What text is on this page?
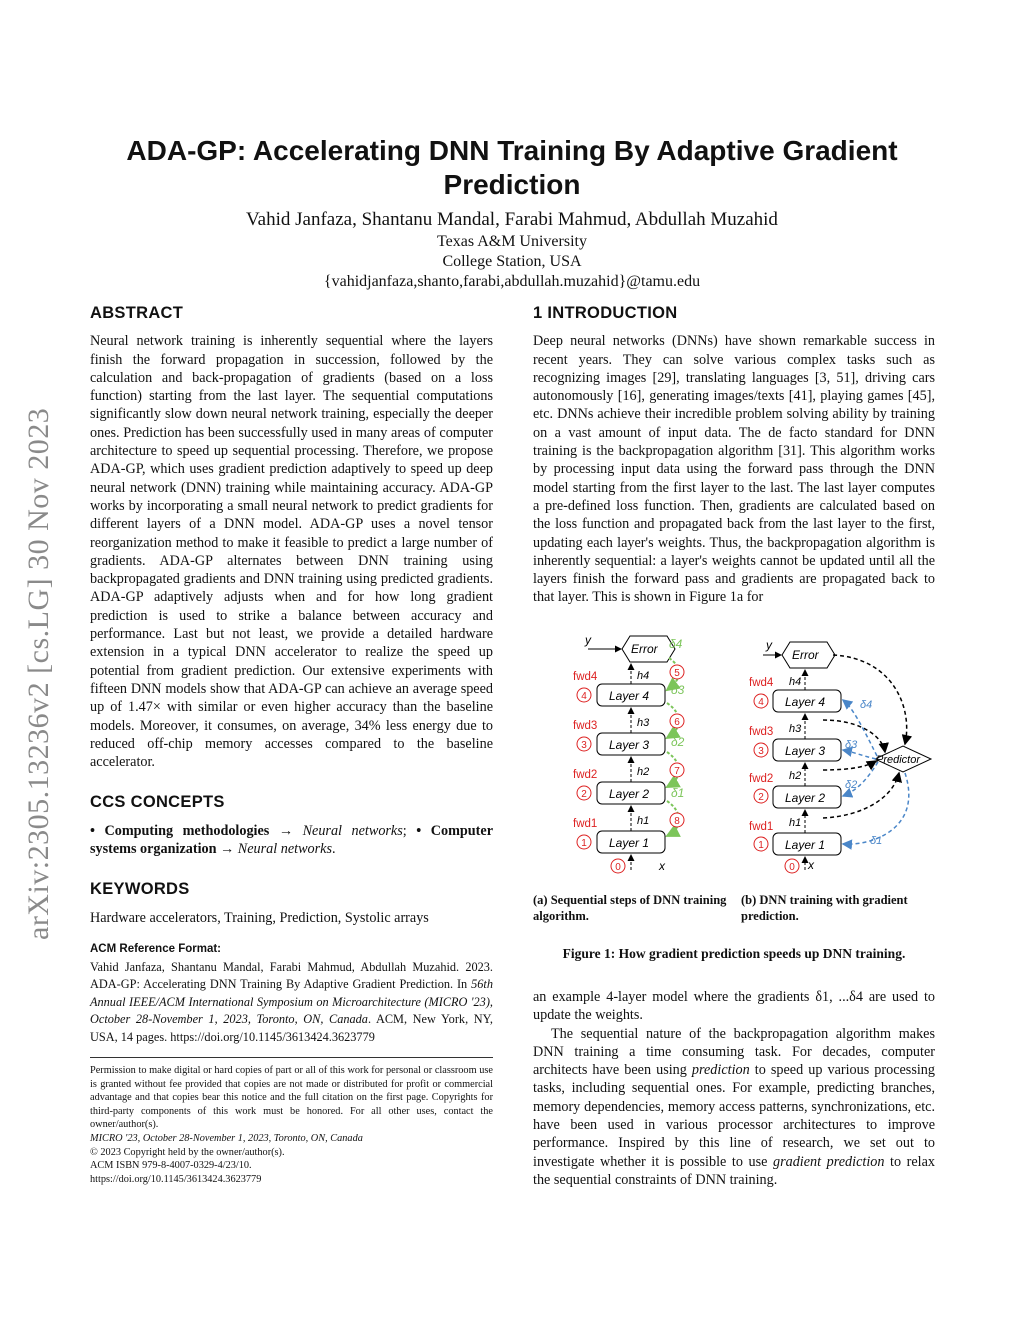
arXiv:2305.13236v2 [cs.LG] 30 Nov 2023
ADA-GP: Accelerating DNN Training By Adaptive Gradient Prediction
Vahid Janfaza, Shantanu Mandal, Farabi Mahmud, Abdullah Muzahid
Texas A&M University
College Station, USA
{vahidjanfaza,shanto,farabi,abdullah.muzahid}@tamu.edu
ABSTRACT

Neural network training is inherently sequential where the layers finish the forward propagation in succession, followed by the calculation and back-propagation of gradients (based on a loss function) starting from the last layer. The sequential computations significantly slow down neural network training, especially the deeper ones. Prediction has been successfully used in many areas of computer architecture to speed up sequential processing. Therefore, we propose ADA-GP, which uses gradient prediction adaptively to speed up deep neural network (DNN) training while maintaining accuracy. ADA-GP works by incorporating a small neural network to predict gradients for different layers of a DNN model. ADA-GP uses a novel tensor reorganization method to make it feasible to predict a large number of gradients. ADA-GP alternates between DNN training using backpropagated gradients and DNN training using predicted gradients. ADA-GP adaptively adjusts when and for how long gradient prediction is used to strike a balance between accuracy and performance. Last but not least, we provide a detailed hardware extension in a typical DNN accelerator to realize the speed up potential from gradient prediction. Our extensive experiments with fifteen DNN models show that ADA-GP can achieve an average speed up of 1.47× with similar or even higher accuracy than the baseline models. Moreover, it consumes, on average, 34% less energy due to reduced off-chip memory accesses compared to the baseline accelerator.

CCS CONCEPTS

• Computing methodologies → Neural networks; • Computer systems organization → Neural networks.

KEYWORDS

Hardware accelerators, Training, Prediction, Systolic arrays

ACM Reference Format:
Vahid Janfaza, Shantanu Mandal, Farabi Mahmud, Abdullah Muzahid. 2023. ADA-GP: Accelerating DNN Training By Adaptive Gradient Prediction. In 56th Annual IEEE/ACM International Symposium on Microarchitecture (MICRO '23), October 28-November 1, 2023, Toronto, ON, Canada. ACM, New York, NY, USA, 14 pages. https://doi.org/10.1145/3613424.3623779
Permission to make digital or hard copies of part or all of this work for personal or classroom use is granted without fee provided that copies are not made or distributed for profit or commercial advantage and that copies bear this notice and the full citation on the first page. Copyrights for third-party components of this work must be honored. For all other uses, contact the owner/author(s).
MICRO '23, October 28-November 1, 2023, Toronto, ON, Canada
© 2023 Copyright held by the owner/author(s).
ACM ISBN 979-8-4007-0329-4/23/10.
https://doi.org/10.1145/3613424.3623779
1 INTRODUCTION

Deep neural networks (DNNs) have shown remarkable success in recent years. They can solve various complex tasks such as recognizing images [29], translating languages [3, 51], driving cars autonomously [16], generating images/texts [41], playing games [45], etc. DNNs achieve their incredible problem solving ability by training on a vast amount of input data. The de facto standard for DNN training is the backpropagation algorithm [31]. This algorithm works by processing input data using the forward pass through the DNN model starting from the first layer to the last. The last layer computes a pre-defined loss function. Then, gradients are calculated based on the loss function and propagated back from the last layer to the first, updating each layer's weights. Thus, the backpropagation algorithm is inherently sequential: a layer's weights cannot be updated until all the layers finish the forward pass and gradients are propagated back to that layer. This is shown in Figure 1a for

Error
y
x
Layer 4
Layer 3
Layer 2
Layer 1
h4
h3
h2
h1
fwd4
fwd3
fwd2
fwd1
4
3
2
1
0
δ4
δ3
δ2
δ1
5
6
7
8
Error
y
x
Predictor
Layer 4
Layer 3
Layer 2
Layer 1
h4
h3
h2
h1
δ4
δ3
δ2
δ1
fwd4
fwd3
fwd2
fwd1
4
3
2
1
0
(a) Sequential steps of DNN training algorithm.
(b) DNN training with gradient prediction.
Figure 1: How gradient prediction speeds up DNN training.

an example 4-layer model where the gradients δ1, ...δ4 are used to update the weights.

The sequential nature of the backpropagation algorithm makes DNN training a time consuming task. For decades, computer architects have been using prediction to speed up various processing tasks, including sequential ones. For example, predicting branches, memory dependencies, memory access patterns, synchronizations, etc. have been used in various processor architectures to improve performance. Inspired by this line of research, we set out to investigate whether it is possible to use gradient prediction to relax the sequential constraints of DNN training.
